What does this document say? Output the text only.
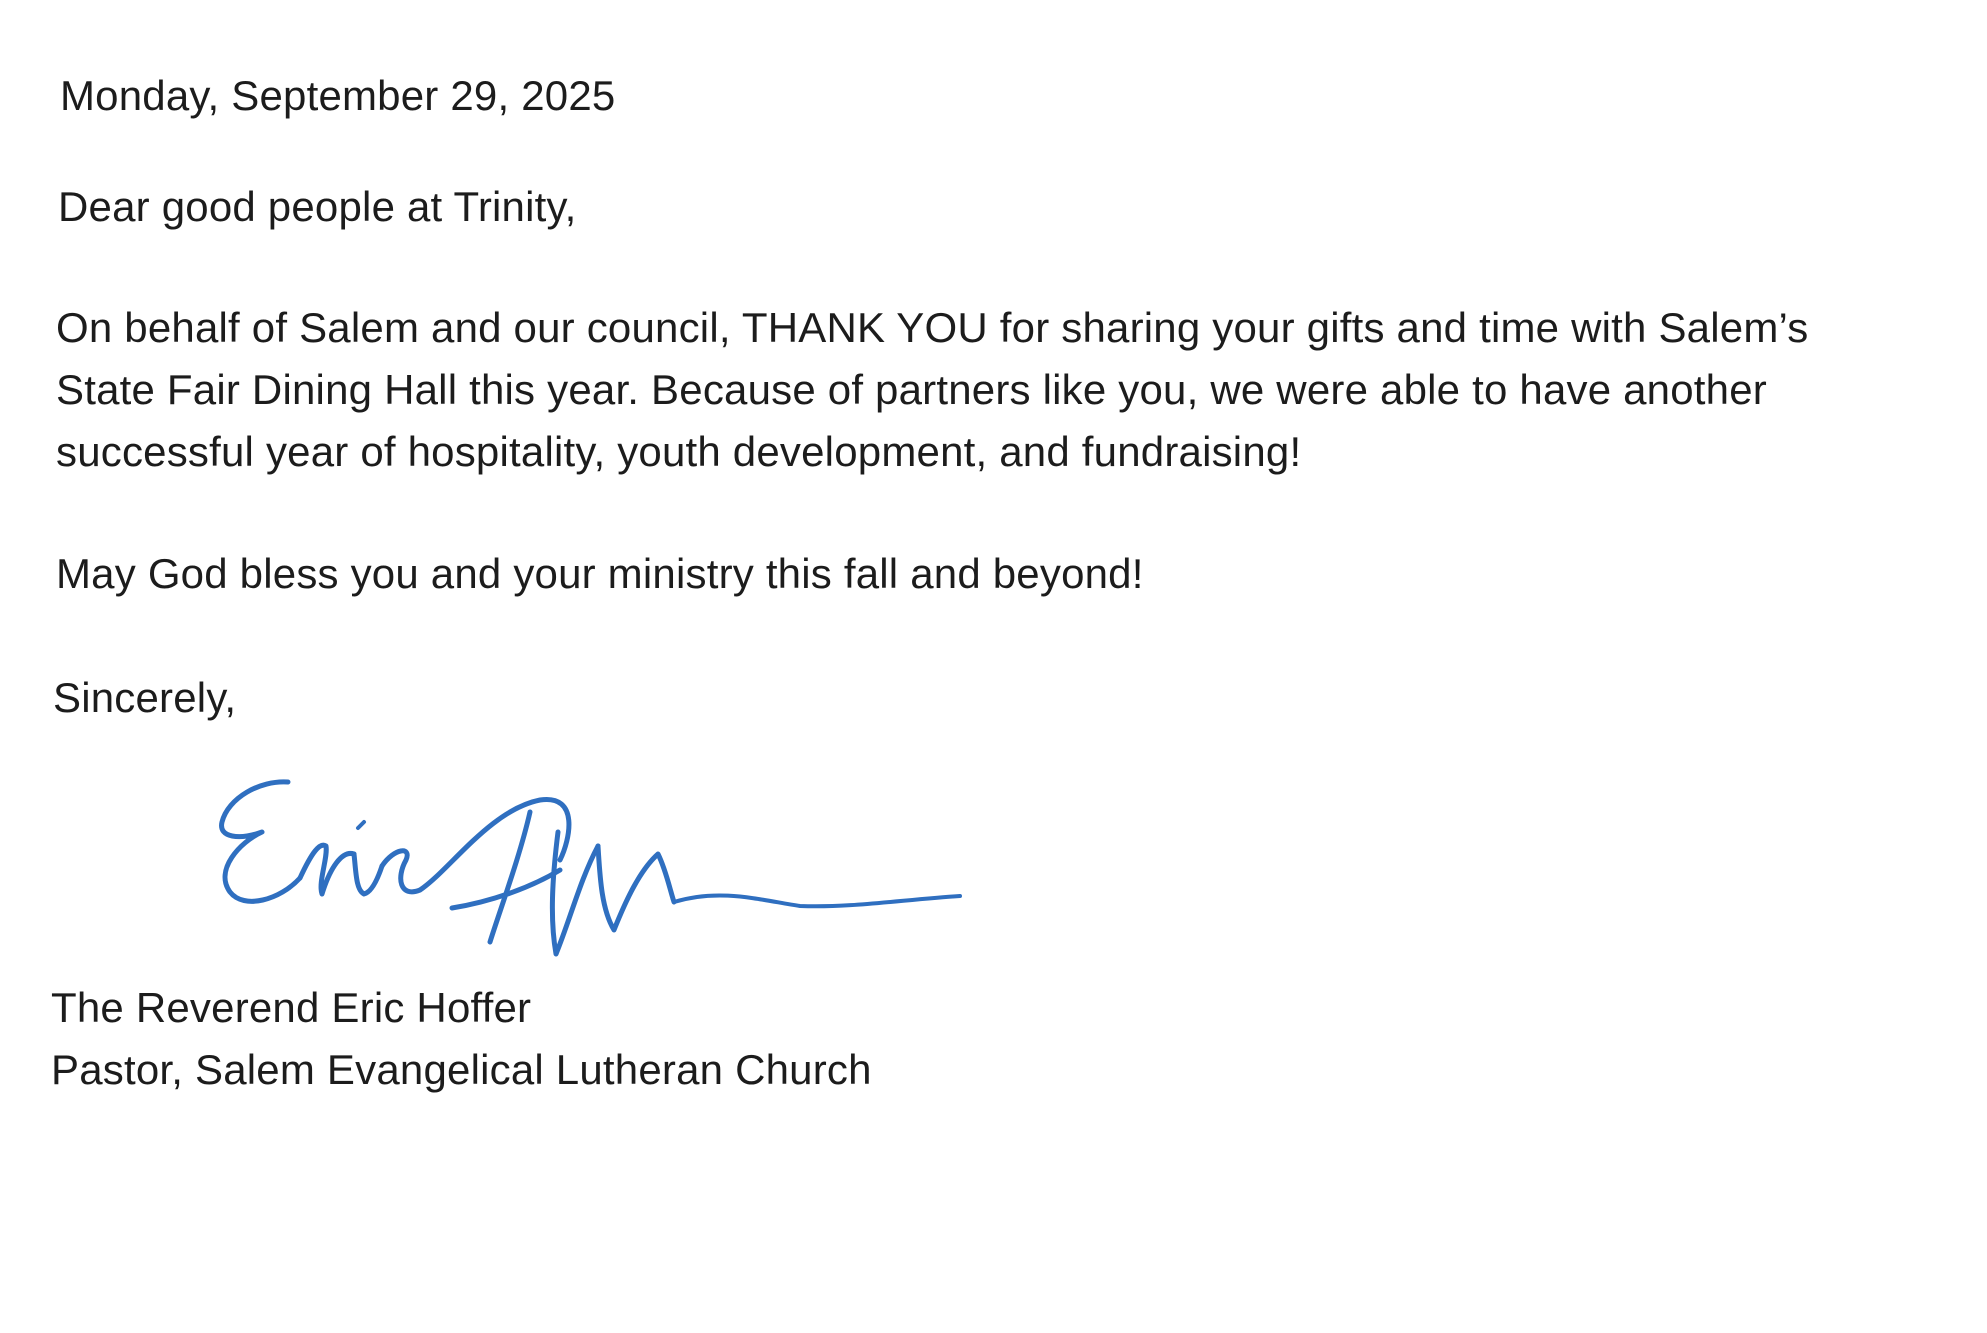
Monday, September 29, 2025

Dear good people at Trinity,

On behalf of Salem and our council, THANK YOU for sharing your gifts and time with Salem’s
State Fair Dining Hall this year. Because of partners like you, we were able to have another
successful year of hospitality, youth development, and fundraising!

May God bless you and your ministry this fall and beyond!

Sincerely,

The Reverend Eric Hoffer

Pastor, Salem Evangelical Lutheran Church
